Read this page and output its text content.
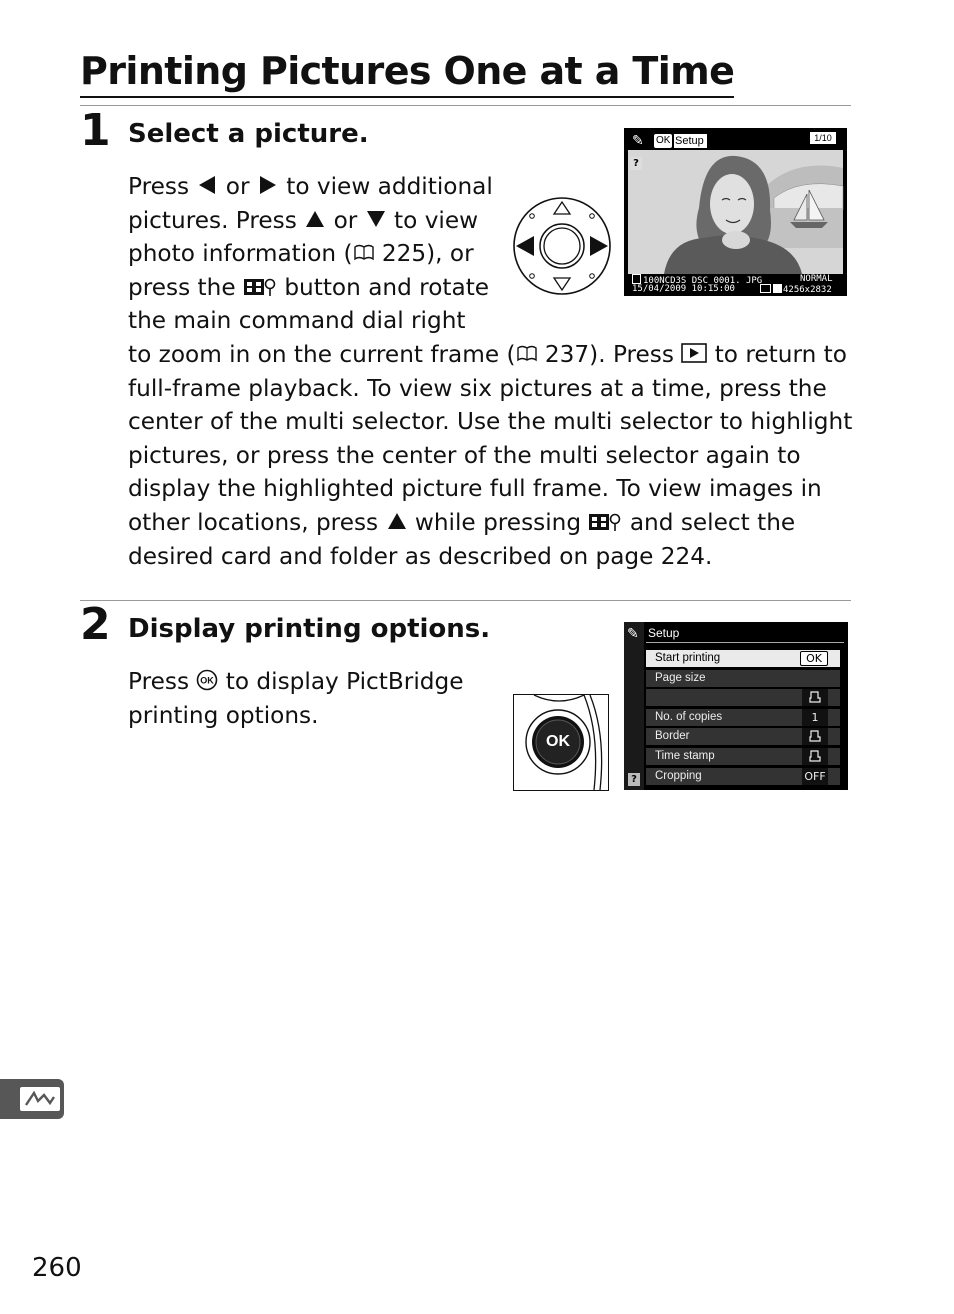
Printing Pictures One at a Time
1 Select a picture.
Press  or  to view additional
pictures. Press  or  to view
photo information ( 225), or
press the  button and rotate
the main command dial right
to zoom in on the current frame ( 237). Press  to return to
full-frame playback. To view six pictures at a time, press the
center of the multi selector. Use the multi selector to highlight
pictures, or press the center of the multi selector again to
display the highlighted picture full frame. To view images in
other locations, press  while pressing  and select the
desired card and folder as described on page 224.
✎ OK Setup	1/10
?
100NCD3S DSC_0001. JPG	NORMAL
15/04/2009 10:15:00	4256x2832
2 Display printing options.
Press OK to display PictBridge
printing options.
OK
✎ Setup
Start printing	OK
Page size
No. of copies	1
Border
Time stamp
Cropping	OFF
?
260
